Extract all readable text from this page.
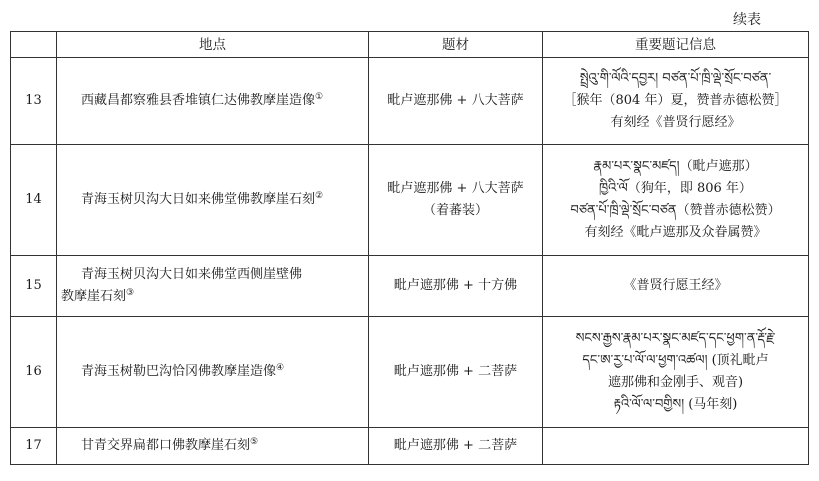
续表
	地点	题材	重要题记信息
13	西藏昌都察雅县香堆镇仁达佛教摩崖造像①	毗卢遮那佛 + 八大菩萨	སྤྲེའུ་གི་ལོའི་དབྱར། བཙན་པོ་ཁྲི་ལྡེ་སྲོང་བཙན་
［猴年（804 年）夏，赞普赤德松赞］
有刻经《普贤行愿经》

14	青海玉树贝沟大日如来佛堂佛教摩崖石刻②	毗卢遮那佛 + 八大菩萨
（着蕃装）	རྣམ་པར་སྣང་མཛད།（毗卢遮那）
ཁྱིའི་ལོ（狗年，即 806 年）
བཙན་པོ་ཁྲི་ལྡེ་སྲོང་བཙན（赞普赤德松赞）
有刻经《毗卢遮那及众眷属赞》

15	青海玉树贝沟大日如来佛堂西侧崖壁佛
教摩崖石刻③	毗卢遮那佛 + 十方佛	《普贤行愿王经》

16	青海玉树勒巴沟恰冈佛教摩崖造像④	毗卢遮那佛 + 二菩萨	སངས་རྒྱས་རྣམ་པར་སྣང་མཛད་དང་ཕྱག་ན་རྡོ་རྗེ་
དང་ཨ་རྱ་པ་ལོ་ལ་ཕྱག་འཚལ། (顶礼毗卢
遮那佛和金刚手、观音)
རྟའི་ལོ་ལ་བགྱིས། (马年刻)

17	甘青交界扁都口佛教摩崖石刻⑤	毗卢遮那佛 + 二菩萨	
